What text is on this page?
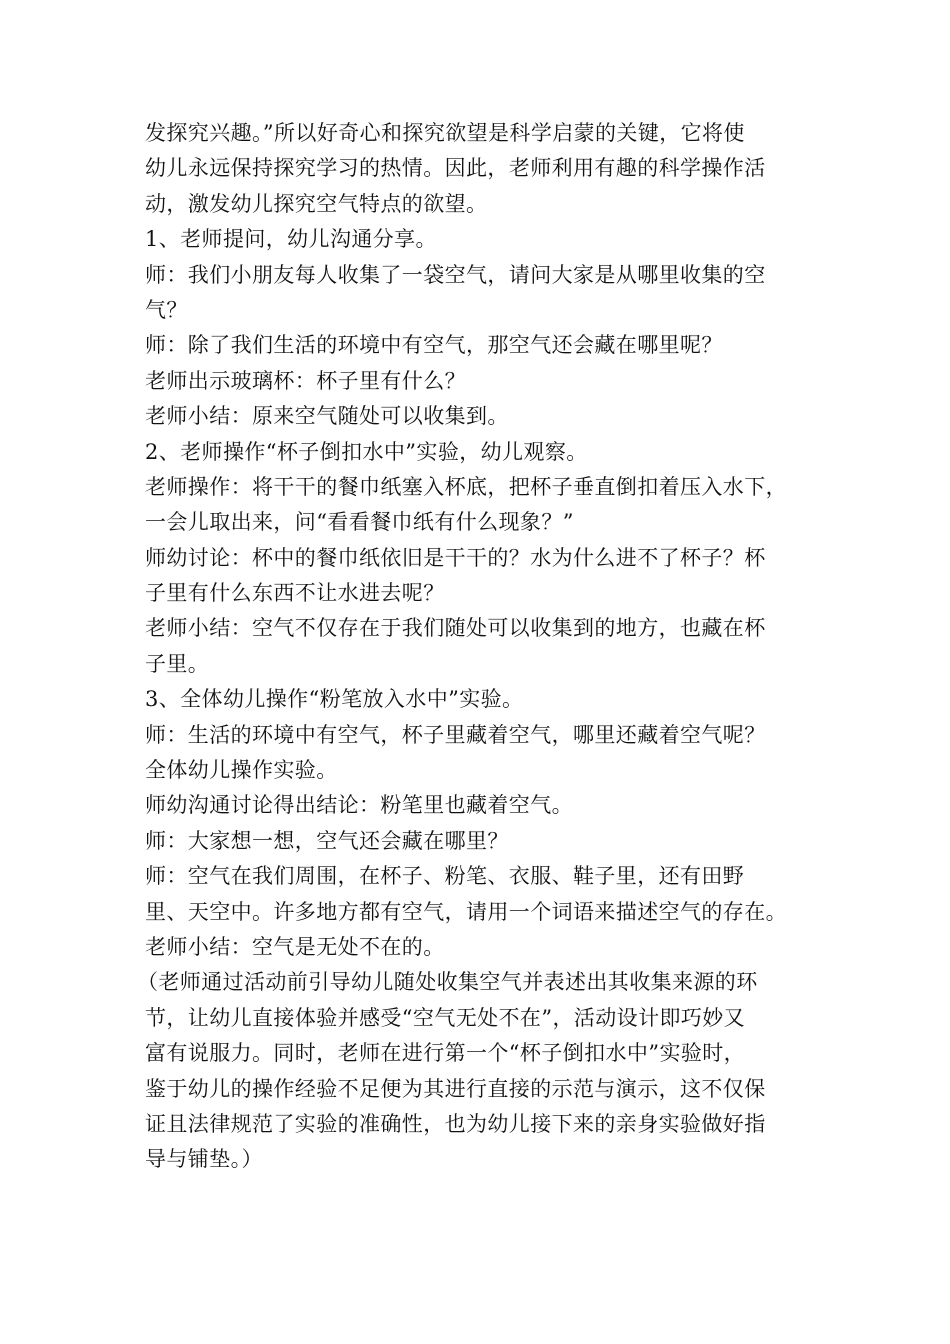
发探究兴趣。”所以好奇心和探究欲望是科学启蒙的关键，它将使
幼儿永远保持探究学习的热情。因此，老师利用有趣的科学操作活
动，激发幼儿探究空气特点的欲望。
1、老师提问，幼儿沟通分享。
师：我们小朋友每人收集了一袋空气，请问大家是从哪里收集的空
气？
师：除了我们生活的环境中有空气，那空气还会藏在哪里呢？
老师出示玻璃杯：杯子里有什么？
老师小结：原来空气随处可以收集到。
2、老师操作“杯子倒扣水中”实验，幼儿观察。
老师操作：将干干的餐巾纸塞入杯底，把杯子垂直倒扣着压入水下，
一会儿取出来，问“看看餐巾纸有什么现象？”
师幼讨论：杯中的餐巾纸依旧是干干的？水为什么进不了杯子？杯
子里有什么东西不让水进去呢？
老师小结：空气不仅存在于我们随处可以收集到的地方，也藏在杯
子里。
3、全体幼儿操作“粉笔放入水中”实验。
师：生活的环境中有空气，杯子里藏着空气，哪里还藏着空气呢？
全体幼儿操作实验。
师幼沟通讨论得出结论：粉笔里也藏着空气。
师：大家想一想，空气还会藏在哪里？
师：空气在我们周围，在杯子、粉笔、衣服、鞋子里，还有田野
里、天空中。许多地方都有空气，请用一个词语来描述空气的存在。
老师小结：空气是无处不在的。
（老师通过活动前引导幼儿随处收集空气并表述出其收集来源的环
节，让幼儿直接体验并感受“空气无处不在”，活动设计即巧妙又
富有说服力。同时，老师在进行第一个“杯子倒扣水中”实验时，
鉴于幼儿的操作经验不足便为其进行直接的示范与演示，这不仅保
证且法律规范了实验的准确性，也为幼儿接下来的亲身实验做好指
导与铺垫。）
